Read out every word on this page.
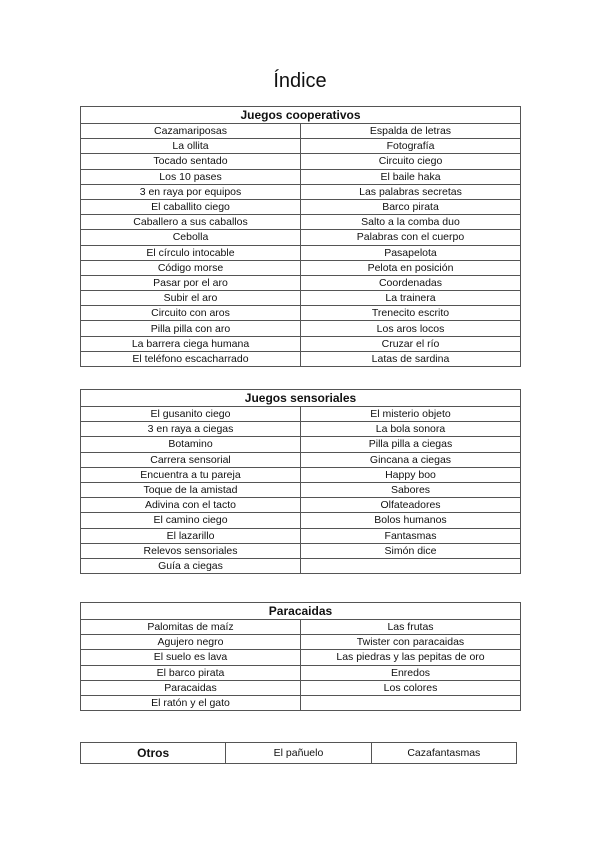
Índice
Juegos cooperativos	
Cazamariposas	Espalda de letras
La ollita	Fotografía
Tocado sentado	Circuito ciego
Los 10 pases	El baile haka
3 en raya por equipos	Las palabras secretas
El caballito ciego	Barco pirata
Caballero a sus caballos	Salto a la comba duo
Cebolla	Palabras con el cuerpo
El círculo intocable	Pasapelota
Código morse	Pelota en posición
Pasar por el aro	Coordenadas
Subir el aro	La trainera
Circuito con aros	Trenecito escrito
Pilla pilla con aro	Los aros locos
La barrera ciega humana	Cruzar el río
El teléfono escacharrado	Latas de sardina
Juegos sensoriales	
El gusanito ciego	El misterio objeto
3 en raya a ciegas	La bola sonora
Botamino	Pilla pilla a ciegas
Carrera sensorial	Gincana a ciegas
Encuentra a tu pareja	Happy boo
Toque de la amistad	Sabores
Adivina con el tacto	Olfateadores
El camino ciego	Bolos humanos
El lazarillo	Fantasmas
Relevos sensoriales	Simón dice
Guía a ciegas	
Paracaidas	
Palomitas de maíz	Las frutas
Agujero negro	Twister con paracaidas
El suelo es lava	Las piedras y las pepitas de oro
El barco pirata	Enredos
Paracaidas	Los colores
El ratón y el gato	
Otros	El pañuelo	Cazafantasmas
